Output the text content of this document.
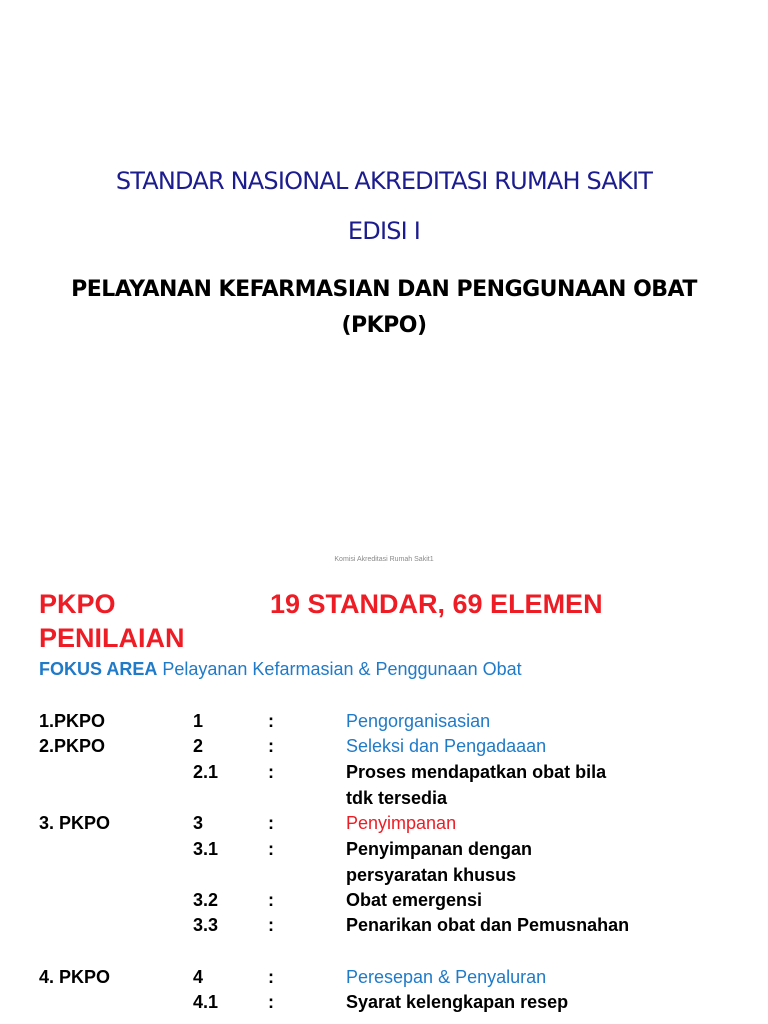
STANDAR NASIONAL AKREDITASI RUMAH SAKIT
EDISI I
PELAYANAN KEFARMASIAN DAN PENGGUNAAN OBAT
(PKPO)
Komisi Akreditasi Rumah Sakit1
PKPO	19 STANDAR, 69 ELEMEN
PENILAIAN
FOKUS AREA Pelayanan Kefarmasian & Penggunaan Obat
1.PKPO	1	:	Pengorganisasian
2.PKPO	2	:	Seleksi dan Pengadaaan
2.1	:	Proses mendapatkan obat bila
tdk tersedia
3. PKPO	3	:	Penyimpanan
3.1	:	Penyimpanan dengan
persyaratan khusus
3.2	:	Obat emergensi
3.3	:	Penarikan obat dan Pemusnahan
4. PKPO	4	:	Peresepan & Penyaluran
4.1	:	Syarat kelengkapan resep
